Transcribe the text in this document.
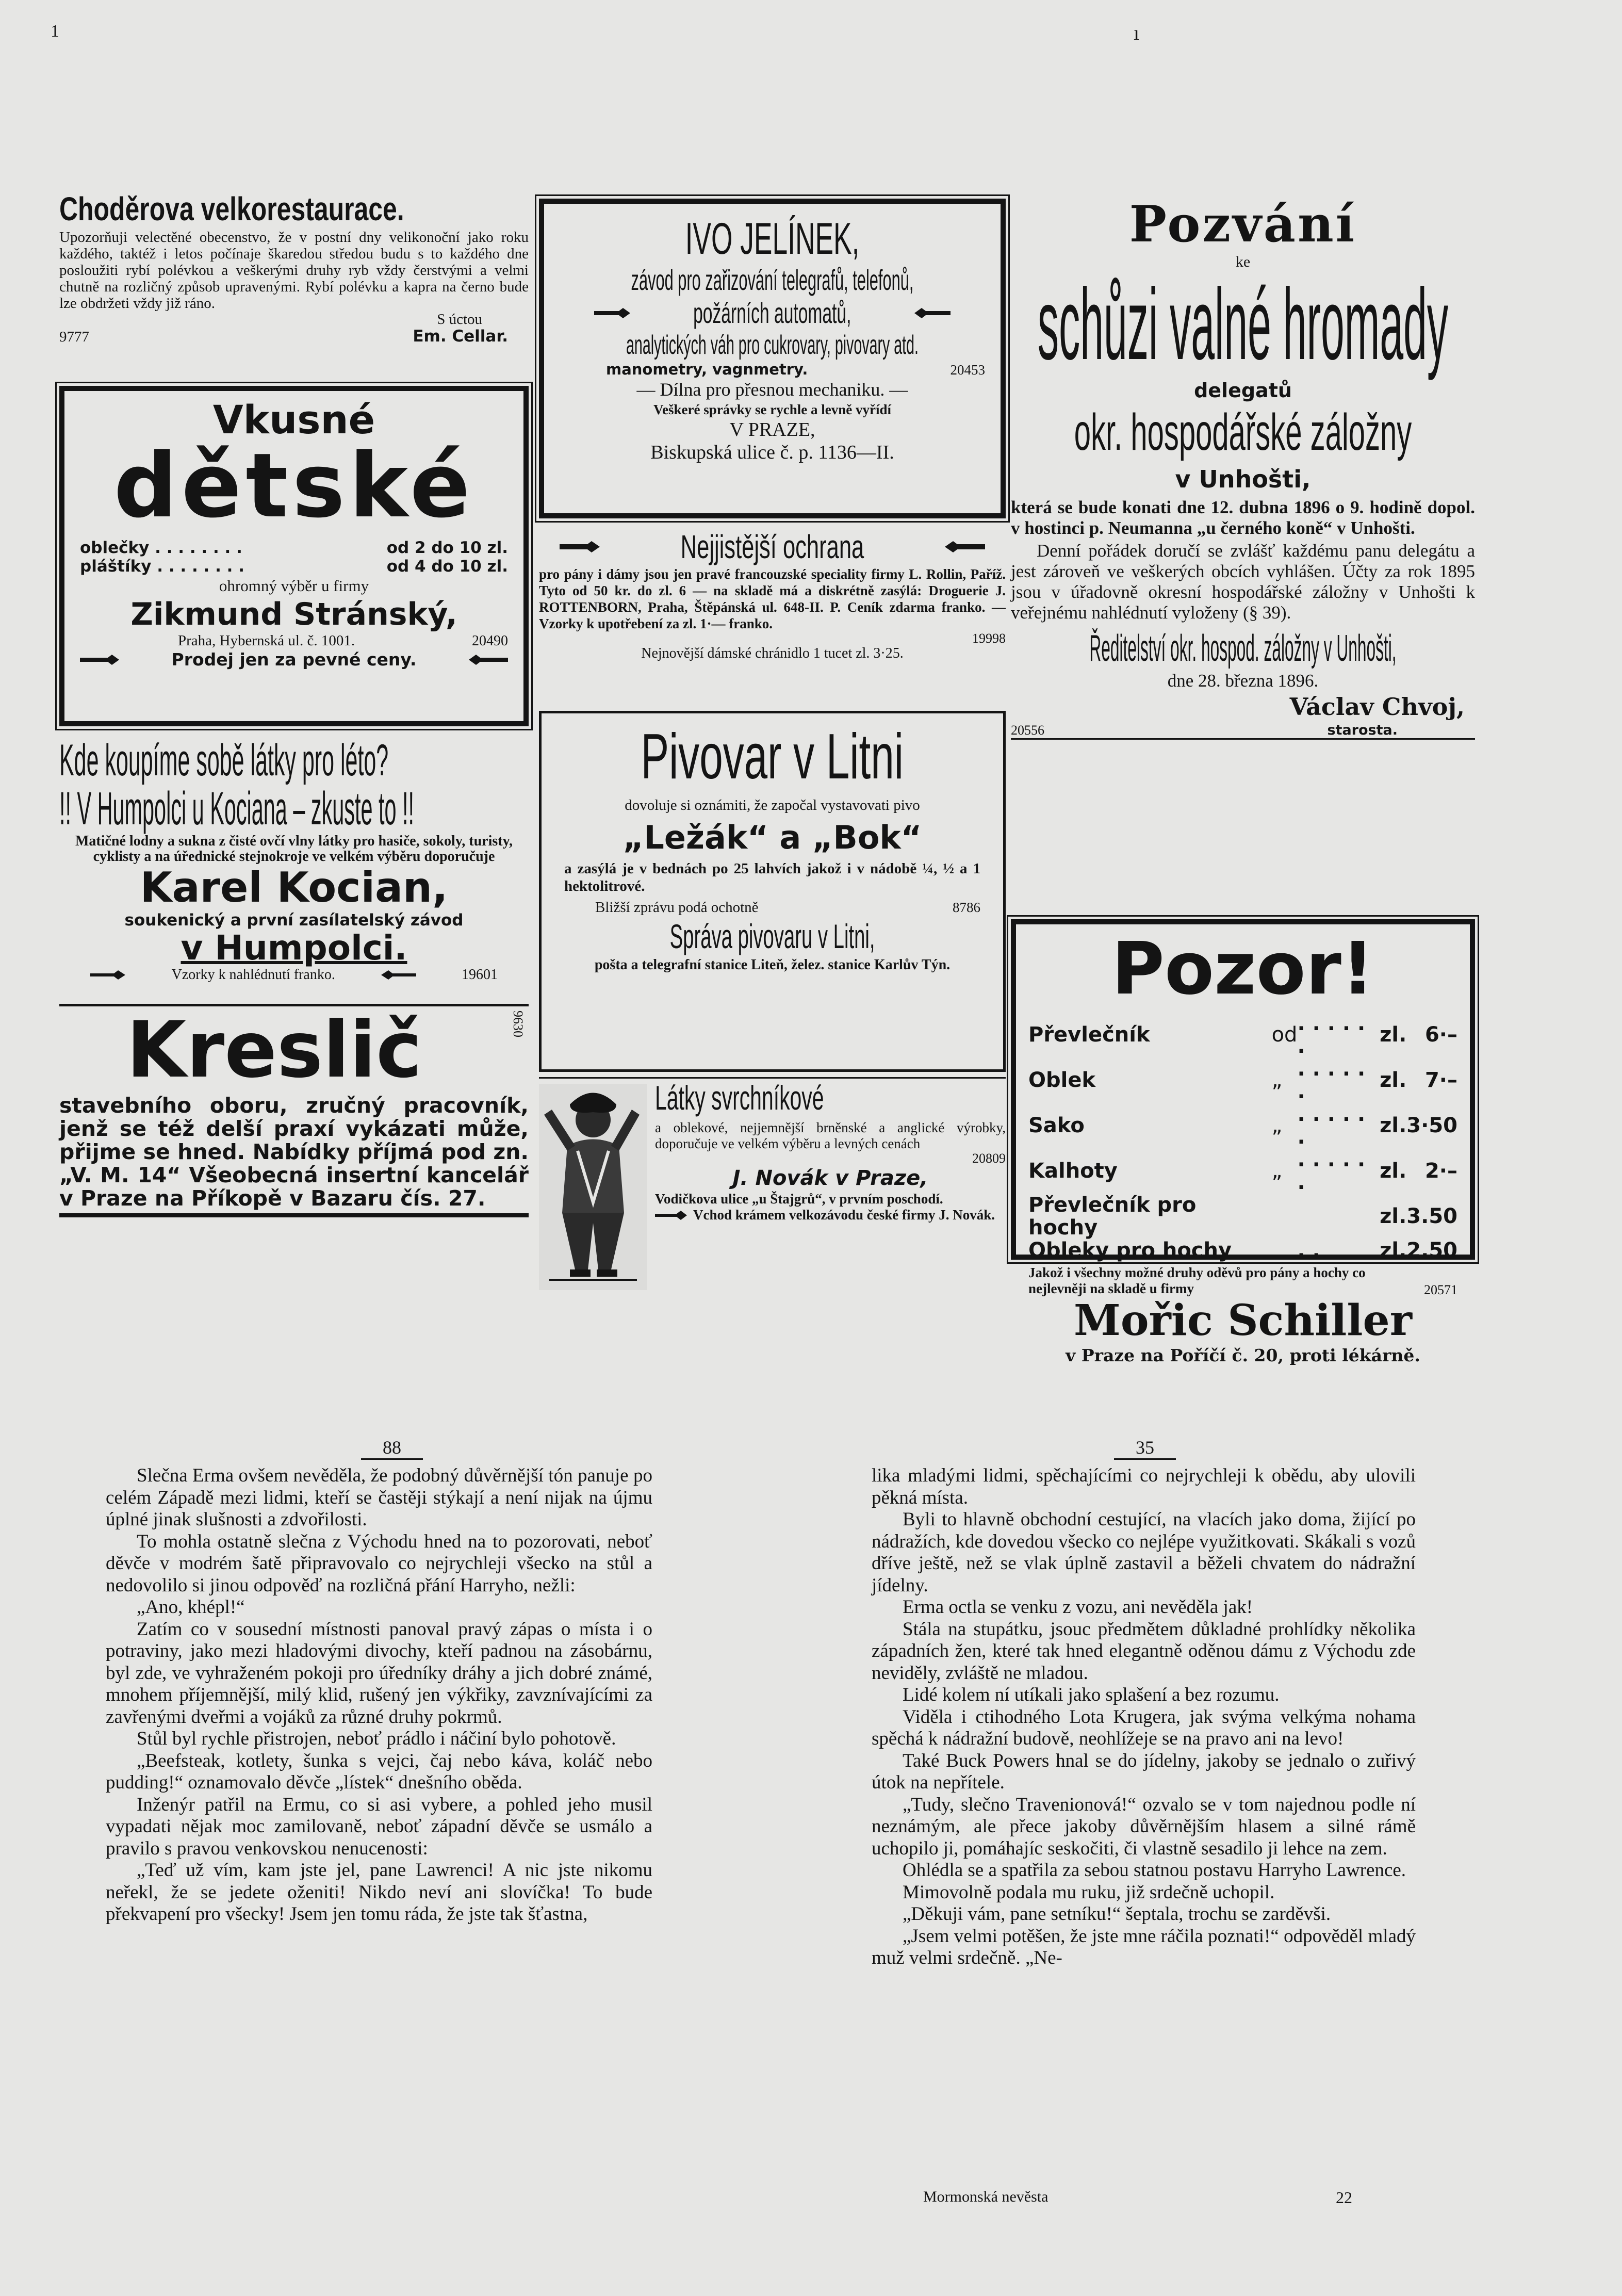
1	ı
Choděrova velkorestaurace.
Upozorňuji velectěné obecenstvo, že v postní dny velikonoční jako roku každého, taktéž i letos počínaje škaredou středou budu s to každého dne posloužiti rybí polévkou a veškerými druhy ryb vždy čerstvými a velmi chutně na rozličný způsob upravenými. Rybí polévku a kapra na černo bude lze obdržeti vždy již ráno.
S úctou
9777	Em. Cellar.
Vkusné
dětské
oblečky . . . . . . . .	od 2 do 10 zl.
pláštíky . . . . . . . .	od 4 do 10 zl.
ohromný výběr u firmy
Zikmund Stránský,
Praha, Hybernská ul. č. 1001.	20490
Prodej jen za pevné ceny.
Kde koupíme sobě látky pro léto?
!! V Humpolci u Kociana – zkuste to !!
Matičné lodny a sukna z čisté ovčí vlny látky pro hasiče, sokoly, turisty, cyklisty a na úřednické stejnokroje ve velkém výběru doporučuje
Karel Kocian,
soukenický a první zasílatelský závod
v Humpolci.
Vzorky k nahlédnutí franko.	19601
Kreslič	9630
stavebního oboru, zručný pracovník, jenž se též delší praxí vykázati může, přijme se hned. Nabídky příjmá pod zn. „V. M. 14“ Všeobecná insertní kancelář v Praze na Příkopě v Bazaru čís. 27.
IVO JELÍNEK,
závod pro zařizování telegrafů, telefonů,
požárních automatů,
analytických váh pro cukrovary, pivovary atd.
manometry, vagnmetry.	20453
— Dílna pro přesnou mechaniku. —
Veškeré správky se rychle a levně vyřídí
V PRAZE,
Biskupská ulice č. p. 1136—II.
Nejjistější ochrana
pro pány i dámy jsou jen pravé francouzské speciality firmy L. Rollin, Paříž. Tyto od 50 kr. do zl. 6 — na skladě má a diskrétně zasýlá: Droguerie J. ROTTENBORN, Praha, Štěpánská ul. 648-II. P. Ceník zdarma franko. — Vzorky k upotřebení za zl. 1·— franko.
19998
Nejnovější dámské chránidlo 1 tucet zl. 3·25.
Pivovar v Litni
dovoluje si oznámiti, že započal vystavovati pivo
„Ležák“ a „Bok“
a zasýlá je v bednách po 25 lahvích jakož i v nádobě ¼, ½ a 1 hektolitrové.
Bližší zprávu podá ochotně	8786
Správa pivovaru v Litni,
pošta a telegrafní stanice Liteň, želez. stanice Karlův Týn.
Látky svrchníkové
a oblekové, nejjemnější brněnské a anglické výrobky, doporučuje ve velkém výběru a levných cenách
20809
J. Novák v Praze,
Vodičkova ulice „u Štajgrů“, v prvním poschodí.
Vchod krámem velkozávodu české firmy J. Novák.
Pozvání
ke
schůzi valné hromady
delegatů
okr. hospodářské záložny
v Unhošti,
která se bude konati dne 12. dubna 1896 o 9. hodině dopol. v hostinci p. Neumanna „u černého koně“ v Unhošti.
Denní pořádek doručí se zvlášť každému panu delegátu a jest zároveň ve veškerých obcích vyhlášen. Účty za rok 1895 jsou v úřadovně okresní hospodářské záložny v Unhošti k veřejnému nahlédnutí vyloženy (§ 39).
Ředitelství okr. hospod. záložny v Unhošti,
dne 28. března 1896.
Václav Chvoj,
20556	starosta.
Pozor!
Převlečník	od	. . . . . .	zl.	6·–
Oblek	„	. . . . . .	zl.	7·–
Sako	„	. . . . . .	zl.	3·50
Kalhoty	„	. . . . . .	zl.	2·–
Převlečník pro hochy			zl.	3.50
Obleky pro hochy		. .	zl.	2.50
Jakož i všechny možné druhy oděvů pro pány a hochy co nejlevněji na skladě u firmy	20571
Mořic Schiller
v Praze na Poříčí č. 20, proti lékárně.
88	35

Slečna Erma ovšem nevěděla, že podobný důvěrnější tón panuje po celém Západě mezi lidmi, kteří se častěji stýkají a není nijak na újmu úplné jinak slušnosti a zdvořilosti.

To mohla ostatně slečna z Východu hned na to pozorovati, neboť děvče v modrém šatě připravovalo co nejrychleji všecko na stůl a nedovolilo si jinou odpověď na rozličná přání Harryho, nežli:

„Ano, khépl!“

Zatím co v sousední místnosti panoval pravý zápas o místa i o potraviny, jako mezi hladovými divochy, kteří padnou na zásobárnu, byl zde, ve vyhraženém pokoji pro úředníky dráhy a jich dobré známé, mnohem příjemnější, milý klid, rušený jen výkřiky, zavznívajícími za zavřenými dveřmi a vojáků za různé druhy pokrmů.

Stůl byl rychle přistrojen, neboť prádlo i náčiní bylo pohotově.

„Beefsteak, kotlety, šunka s vejci, čaj nebo káva, koláč nebo pudding!“ oznamovalo děvče „lístek“ dnešního oběda.

Inženýr patřil na Ermu, co si asi vybere, a pohled jeho musil vypadati nějak moc zamilovaně, neboť západní děvče se usmálo a pravilo s pravou venkovskou nenucenosti:

„Teď už vím, kam jste jel, pane Lawrenci! A nic jste nikomu neřekl, že se jedete oženiti! Nikdo neví ani slovíčka! To bude překvapení pro všecky! Jsem jen tomu ráda, že jste tak šťastna,

lika mladými lidmi, spěchajícími co nejrychleji k obědu, aby ulovili pěkná místa.

Byli to hlavně obchodní cestující, na vlacích jako doma, žijící po nádražích, kde dovedou všecko co nejlépe využitkovati. Skákali s vozů dříve ještě, než se vlak úplně zastavil a běželi chvatem do nádražní jídelny.

Erma octla se venku z vozu, ani nevěděla jak!

Stála na stupátku, jsouc předmětem důkladné prohlídky několika západních žen, které tak hned elegantně oděnou dámu z Východu zde neviděly, zvláště ne mladou.

Lidé kolem ní utíkali jako splašení a bez rozumu.

Viděla i ctihodného Lota Krugera, jak svýma velkýma nohama spěchá k nádražní budově, neohlížeje se na pravo ani na levo!

Také Buck Powers hnal se do jídelny, jakoby se jednalo o zuřivý útok na nepřítele.

„Tudy, slečno Travenionová!“ ozvalo se v tom najednou podle ní neznámým, ale přece jakoby důvěrnějším hlasem a silné rámě uchopilo ji, pomáhajíc seskočiti, či vlastně sesadilo ji lehce na zem.

Ohlédla se a spatřila za sebou statnou postavu Harryho Lawrence.

Mimovolně podala mu ruku, již srdečně uchopil.

„Děkuji vám, pane setníku!“ šeptala, trochu se zarděvši.

„Jsem velmi potěšen, že jste mne ráčila poznati!“ odpověděl mladý muž velmi srdečně. „Ne-

Mormonská nevěsta	22
